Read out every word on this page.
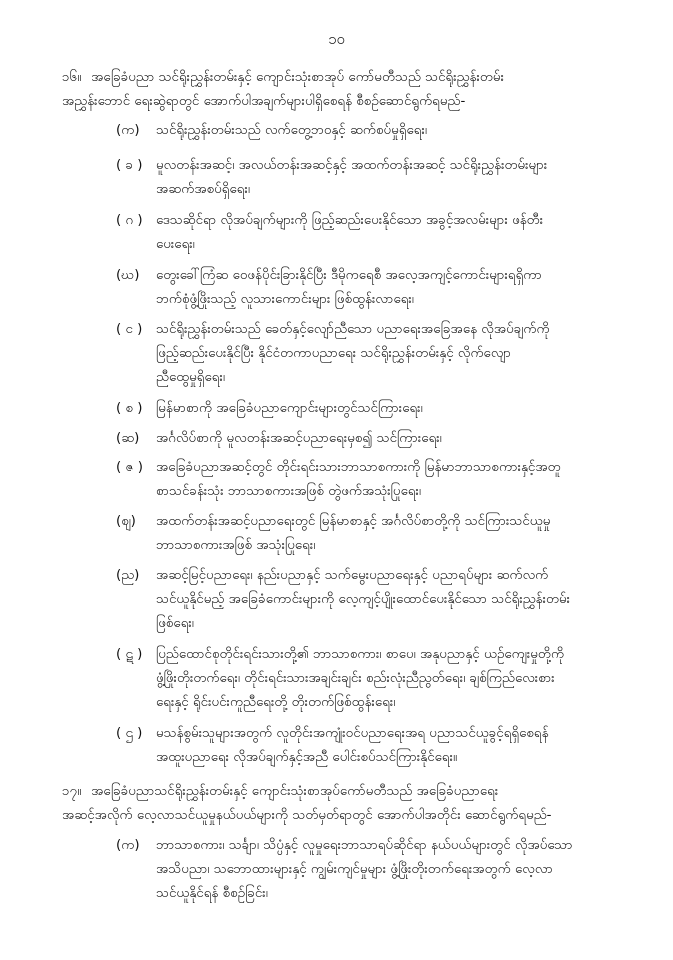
၁၀
၁၆။ အခြေခံပညာ သင်ရိုးညွှန်းတမ်းနှင့် ကျောင်းသုံးစာအုပ် ကော်မတီသည် သင်ရိုးညွှန်းတမ်း
အညွှန်းဘောင် ရေးဆွဲရာတွင် အောက်ပါအချက်များပါရှိစေရန် စီစဉ်ဆောင်ရွက်ရမည်-
(က)	သင်ရိုးညွှန်းတမ်းသည် လက်တွေ့ဘဝနှင့် ဆက်စပ်မှုရှိရေး၊
( ခ )	မူလတန်းအဆင့်၊ အလယ်တန်းအဆင့်နှင့် အထက်တန်းအဆင့် သင်ရိုးညွှန်းတမ်းများ
အဆက်အစပ်ရှိရေး၊
( ဂ ) ဒေသဆိုင်ရာ လိုအပ်ချက်များကို ဖြည့်ဆည်းပေးနိုင်သော အခွင့်အလမ်းများ ဖန်တီး
ပေးရေး၊
(ဃ)	တွေးခေါ်ကြံဆ ဝေဖန်ပိုင်းခြားနိုင်ပြီး ဒီမိုကရေစီ အလေ့အကျင့်ကောင်းများရရှိကာ
ဘက်စုံဖွံ့ဖြိုးသည့် လူသားကောင်းများ ဖြစ်ထွန်းလာရေး၊
( င )	သင်ရိုးညွှန်းတမ်းသည် ခေတ်နှင့်လျော်ညီသော ပညာရေးအခြေအနေ လိုအပ်ချက်ကို
ဖြည့်ဆည်းပေးနိုင်ပြီး နိုင်ငံတကာပညာရေး သင်ရိုးညွှန်းတမ်းနှင့် လိုက်လျော
ညီထွေမှုရှိရေး၊
( စ )	မြန်မာစာကို အခြေခံပညာကျောင်းများတွင်သင်ကြားရေး၊
(ဆ)	အင်္ဂလိပ်စာကို မူလတန်းအဆင့်ပညာရေးမှစ၍ သင်ကြားရေး၊
( ဇ ) အခြေခံပညာအဆင့်တွင် တိုင်းရင်းသားဘာသာစကားကို မြန်မာဘာသာစကားနှင့်အတူ
စာသင်ခန်းသုံး ဘာသာစကားအဖြစ် တွဲဖက်အသုံးပြုရေး၊
(ဈ)	အထက်တန်းအဆင့်ပညာရေးတွင် မြန်မာစာနှင့် အင်္ဂလိပ်စာတို့ကို သင်ကြားသင်ယူမှု
ဘာသာစကားအဖြစ် အသုံးပြုရေး၊
(ည)	အဆင့်မြင့်ပညာရေး၊ နည်းပညာနှင့် သက်မွေးပညာရေးနှင့် ပညာရပ်များ ဆက်လက်
သင်ယူနိုင်မည့် အခြေခံကောင်းများကို လေ့ကျင့်ပျိုးထောင်ပေးနိုင်သော သင်ရိုးညွှန်းတမ်း
ဖြစ်ရေး၊
( ဋ )	ပြည်ထောင်စုတိုင်းရင်းသားတို့၏ ဘာသာစကား၊ စာပေ၊ အနုပညာနှင့် ယဉ်ကျေးမှုတို့ကို
ဖွံ့ဖြိုးတိုးတက်ရေး၊ တိုင်းရင်းသားအချင်းချင်း စည်းလုံးညီညွတ်ရေး၊ ချစ်ကြည်လေးစား
ရေးနှင့် ရိုင်းပင်းကူညီရေးတို့ တိုးတက်ဖြစ်ထွန်းရေး၊
( ဌ )	မသန်စွမ်းသူများအတွက် လူတိုင်းအကျုံးဝင်ပညာရေးအရ ပညာသင်ယူခွင့်ရရှိစေရန်
အထူးပညာရေး လိုအပ်ချက်နှင့်အညီ ပေါင်းစပ်သင်ကြားနိုင်ရေး။
၁၇။ အခြေခံပညာသင်ရိုးညွှန်းတမ်းနှင့် ကျောင်းသုံးစာအုပ်ကော်မတီသည် အခြေခံပညာရေး
အဆင့်အလိုက် လေ့လာသင်ယူမှုနယ်ပယ်များကို သတ်မှတ်ရာတွင် အောက်ပါအတိုင်း ဆောင်ရွက်ရမည်-
(က)	ဘာသာစကား၊ သင်္ချာ၊ သိပ္ပံနှင့် လူမှုရေးဘာသာရပ်ဆိုင်ရာ နယ်ပယ်များတွင် လိုအပ်သော
အသိပညာ၊ သဘောထားများနှင့် ကျွမ်းကျင်မှုများ ဖွံ့ဖြိုးတိုးတက်ရေးအတွက် လေ့လာ
သင်ယူနိုင်ရန် စီစဉ်ခြင်း၊
